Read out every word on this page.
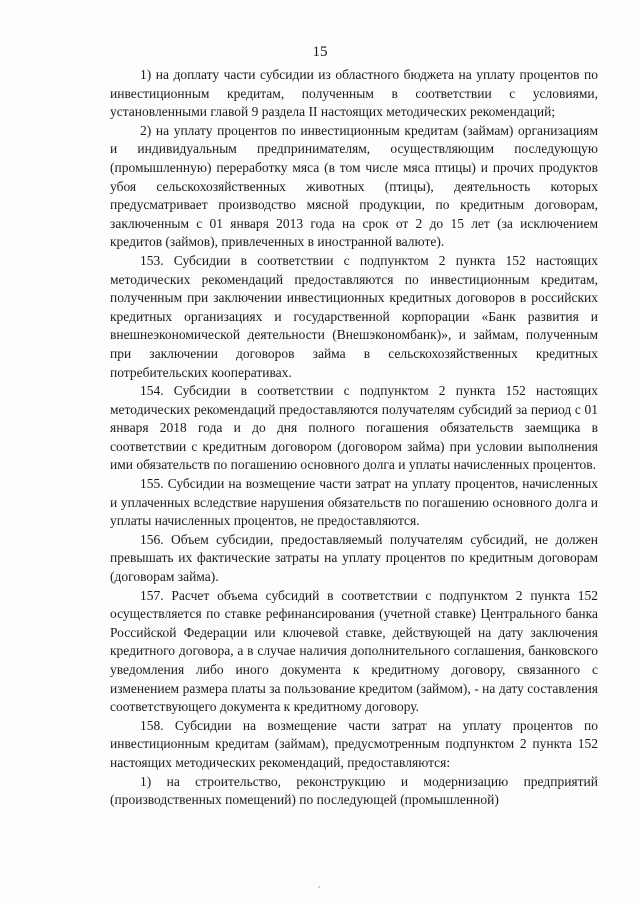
15

1) на доплату части субсидии из областного бюджета на уплату процентов по инвестиционным кредитам, полученным в соответствии с условиями, установленными главой 9 раздела II настоящих методических рекомендаций;

2) на уплату процентов по инвестиционным кредитам (займам) организациям и индивидуальным предпринимателям, осуществляющим последующую (промышленную) переработку мяса (в том числе мяса птицы) и прочих продуктов убоя сельскохозяйственных животных (птицы), деятельность которых предусматривает производство мясной продукции, по кредитным договорам, заключенным с 01 января 2013 года на срок от 2 до 15 лет (за исключением кредитов (займов), привлеченных в иностранной валюте).

153. Субсидии в соответствии с подпунктом 2 пункта 152 настоящих методических рекомендаций предоставляются по инвестиционным кредитам, полученным при заключении инвестиционных кредитных договоров в российских кредитных организациях и государственной корпорации «Банк развития и внешнеэкономической деятельности (Внешэкономбанк)», и займам, полученным при заключении договоров займа в сельскохозяйственных кредитных потребительских кооперативах.

154. Субсидии в соответствии с подпунктом 2 пункта 152 настоящих методических рекомендаций предоставляются получателям субсидий за период с 01 января 2018 года и до дня полного погашения обязательств заемщика в соответствии с кредитным договором (договором займа) при условии выполнения ими обязательств по погашению основного долга и уплаты начисленных процентов.

155. Субсидии на возмещение части затрат на уплату процентов, начисленных и уплаченных вследствие нарушения обязательств по погашению основного долга и уплаты начисленных процентов, не предоставляются.

156. Объем субсидии, предоставляемый получателям субсидий, не должен превышать их фактические затраты на уплату процентов по кредитным договорам (договорам займа).

157. Расчет объема субсидий в соответствии с подпунктом 2 пункта 152 осуществляется по ставке рефинансирования (учетной ставке) Центрального банка Российской Федерации или ключевой ставке, действующей на дату заключения кредитного договора, а в случае наличия дополнительного соглашения, банковского уведомления либо иного документа к кредитному договору, связанного с изменением размера платы за пользование кредитом (займом), - на дату составления соответствующего документа к кредитному договору.

158. Субсидии на возмещение части затрат на уплату процентов по инвестиционным кредитам (займам), предусмотренным подпунктом 2 пункта 152 настоящих методических рекомендаций, предоставляются:

1) на строительство, реконструкцию и модернизацию предприятий (производственных помещений) по последующей (промышленной)
